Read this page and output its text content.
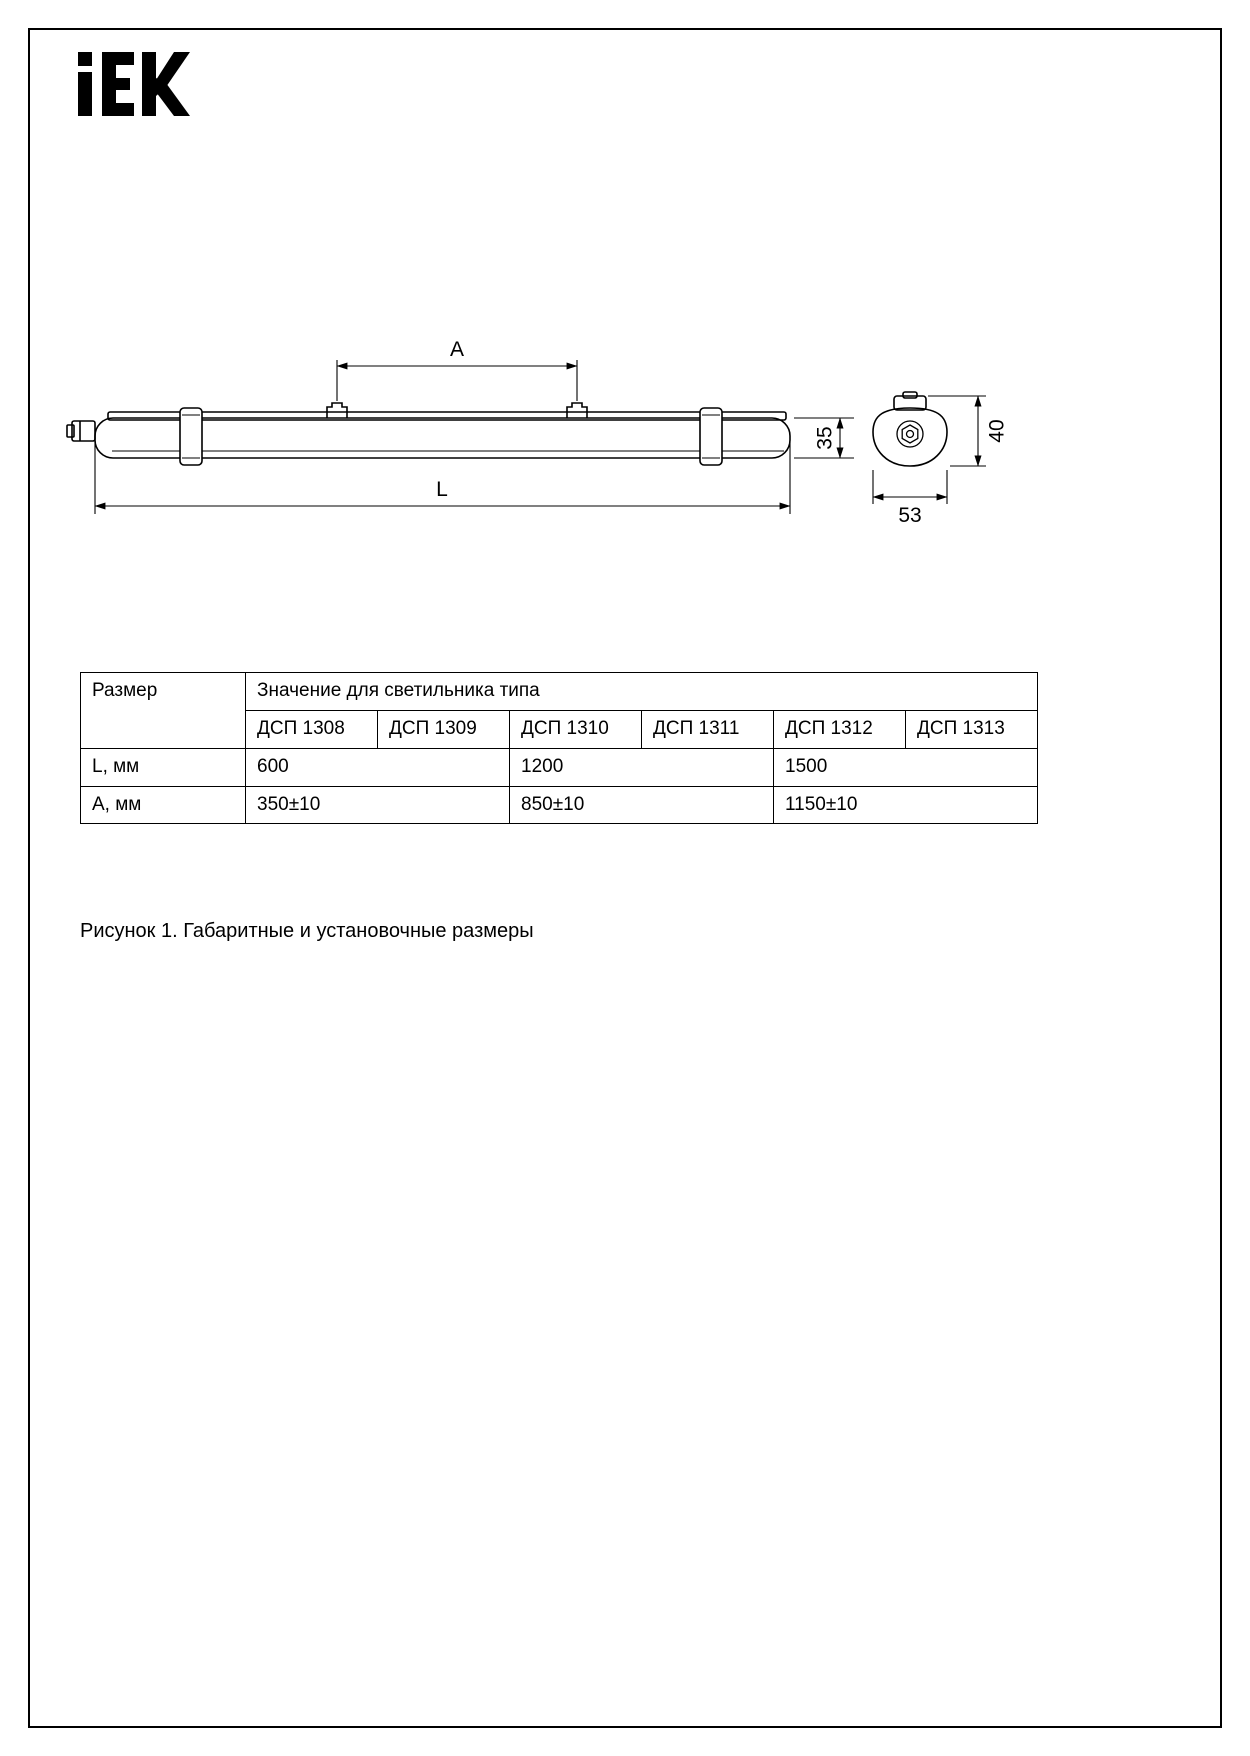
A
L
35	40
53
Размер	Значение для светильника типа					
	ДСП 1308	ДСП 1309	ДСП 1310	ДСП 1311	ДСП 1312	ДСП 1313
L, мм	600		1200		1500	
A, мм	350±10		850±10		1150±10	
Рисунок 1. Габаритные и установочные размеры
